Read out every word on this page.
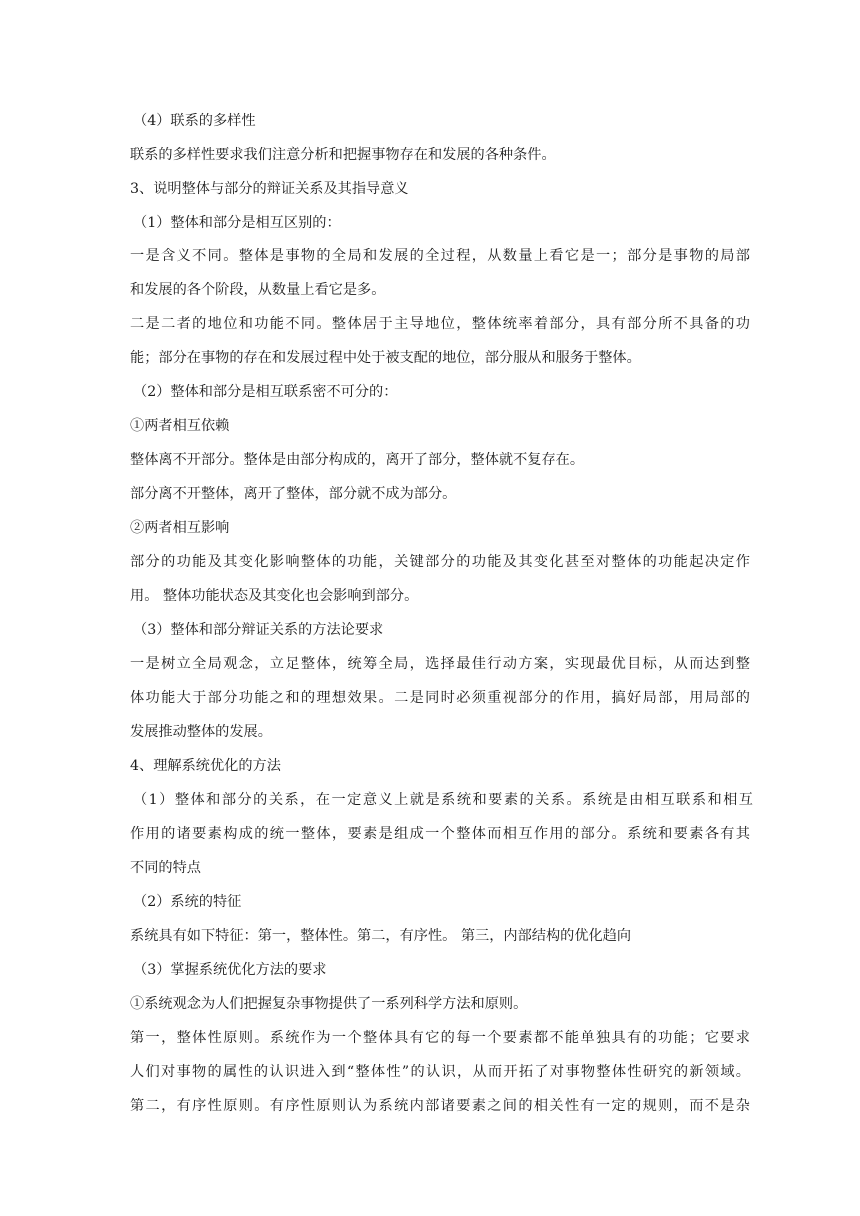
（4）联系的多样性
联系的多样性要求我们注意分析和把握事物存在和发展的各种条件。
3、说明整体与部分的辩证关系及其指导意义
（1）整体和部分是相互区别的：
一是含义不同。整体是事物的全局和发展的全过程，从数量上看它是一；部分是事物的局部
和发展的各个阶段，从数量上看它是多。
二是二者的地位和功能不同。整体居于主导地位，整体统率着部分，具有部分所不具备的功
能；部分在事物的存在和发展过程中处于被支配的地位，部分服从和服务于整体。
（2）整体和部分是相互联系密不可分的：
①两者相互依赖
整体离不开部分。整体是由部分构成的，离开了部分，整体就不复存在。
部分离不开整体，离开了整体，部分就不成为部分。
②两者相互影响
部分的功能及其变化影响整体的功能，关键部分的功能及其变化甚至对整体的功能起决定作
用。 整体功能状态及其变化也会影响到部分。
（3）整体和部分辩证关系的方法论要求
一是树立全局观念，立足整体，统筹全局，选择最佳行动方案，实现最优目标，从而达到整
体功能大于部分功能之和的理想效果。二是同时必须重视部分的作用，搞好局部，用局部的
发展推动整体的发展。
4、理解系统优化的方法
（1）整体和部分的关系，在一定意义上就是系统和要素的关系。系统是由相互联系和相互
作用的诸要素构成的统一整体，要素是组成一个整体而相互作用的部分。系统和要素各有其
不同的特点
（2）系统的特征
系统具有如下特征：第一，整体性。第二，有序性。 第三，内部结构的优化趋向
（3）掌握系统优化方法的要求
①系统观念为人们把握复杂事物提供了一系列科学方法和原则。
第一，整体性原则。系统作为一个整体具有它的每一个要素都不能单独具有的功能；它要求
人们对事物的属性的认识进入到“整体性”的认识，从而开拓了对事物整体性研究的新领域。
第二，有序性原则。有序性原则认为系统内部诸要素之间的相关性有一定的规则，而不是杂
